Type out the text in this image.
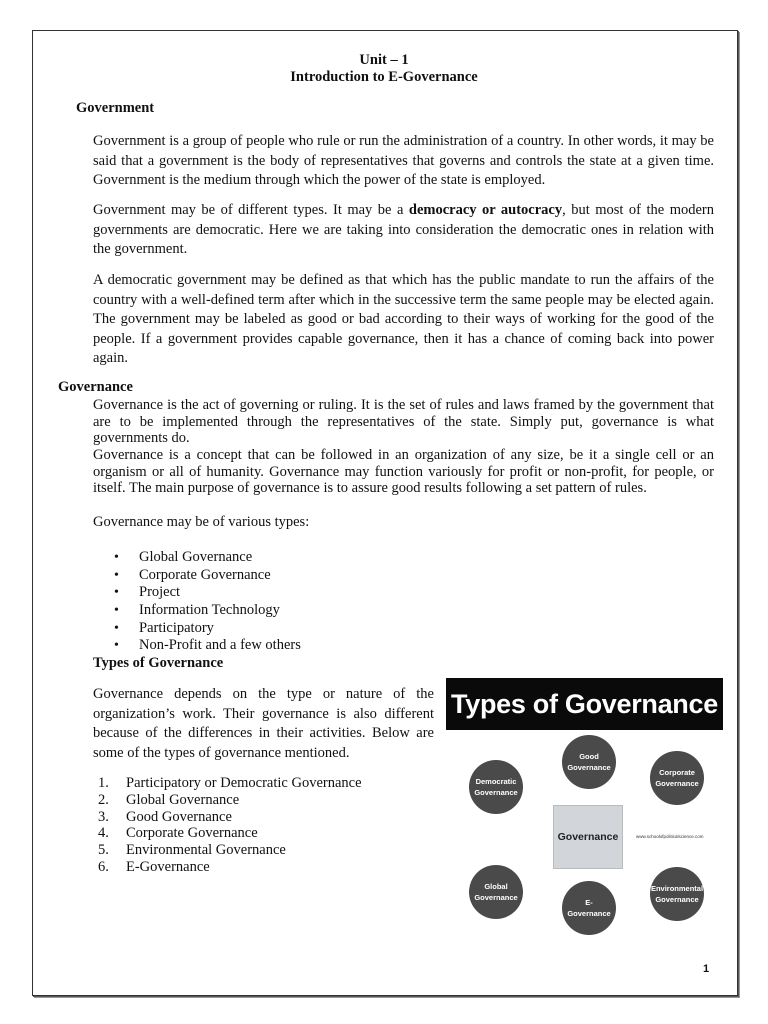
Unit – 1
Introduction to E-Governance
Government
Government is a group of people who rule or run the administration of a country. In other words, it may be said that a government is the body of representatives that governs and controls the state at a given time. Government is the medium through which the power of the state is employed.
Government may be of different types. It may be a democracy or autocracy, but most of the modern governments are democratic. Here we are taking into consideration the democratic ones in relation with the government.
A democratic government may be defined as that which has the public mandate to run the affairs of the country with a well-defined term after which in the successive term the same people may be elected again. The government may be labeled as good or bad according to their ways of working for the good of the people. If a government provides capable governance, then it has a chance of coming back into power again.
Governance
Governance is the act of governing or ruling. It is the set of rules and laws framed by the government that are to be implemented through the representatives of the state. Simply put, governance is what governments do.
Governance is a concept that can be followed in an organization of any size, be it a single cell or an organism or all of humanity. Governance may function variously for profit or non-profit, for people, or itself. The main purpose of governance is to assure good results following a set pattern of rules.
Governance may be of various types:
• Global Governance
• Corporate Governance
• Project
• Information Technology
• Participatory
• Non-Profit and a few others
Types of Governance
Governance depends on the type or nature of the organization’s work. Their governance is also different because of the differences in their activities. Below are some of the types of governance mentioned.
1. Participatory or Democratic Governance
2. Global Governance
3. Good Governance
4. Corporate Governance
5. Environmental Governance
6. E-Governance
Types of Governance
Good Governance
Democratic Governance
Corporate Governance
Governance	www.schoolofpoliticalscience.com
Global Governance
E-Governance
Environmental Governance
1
